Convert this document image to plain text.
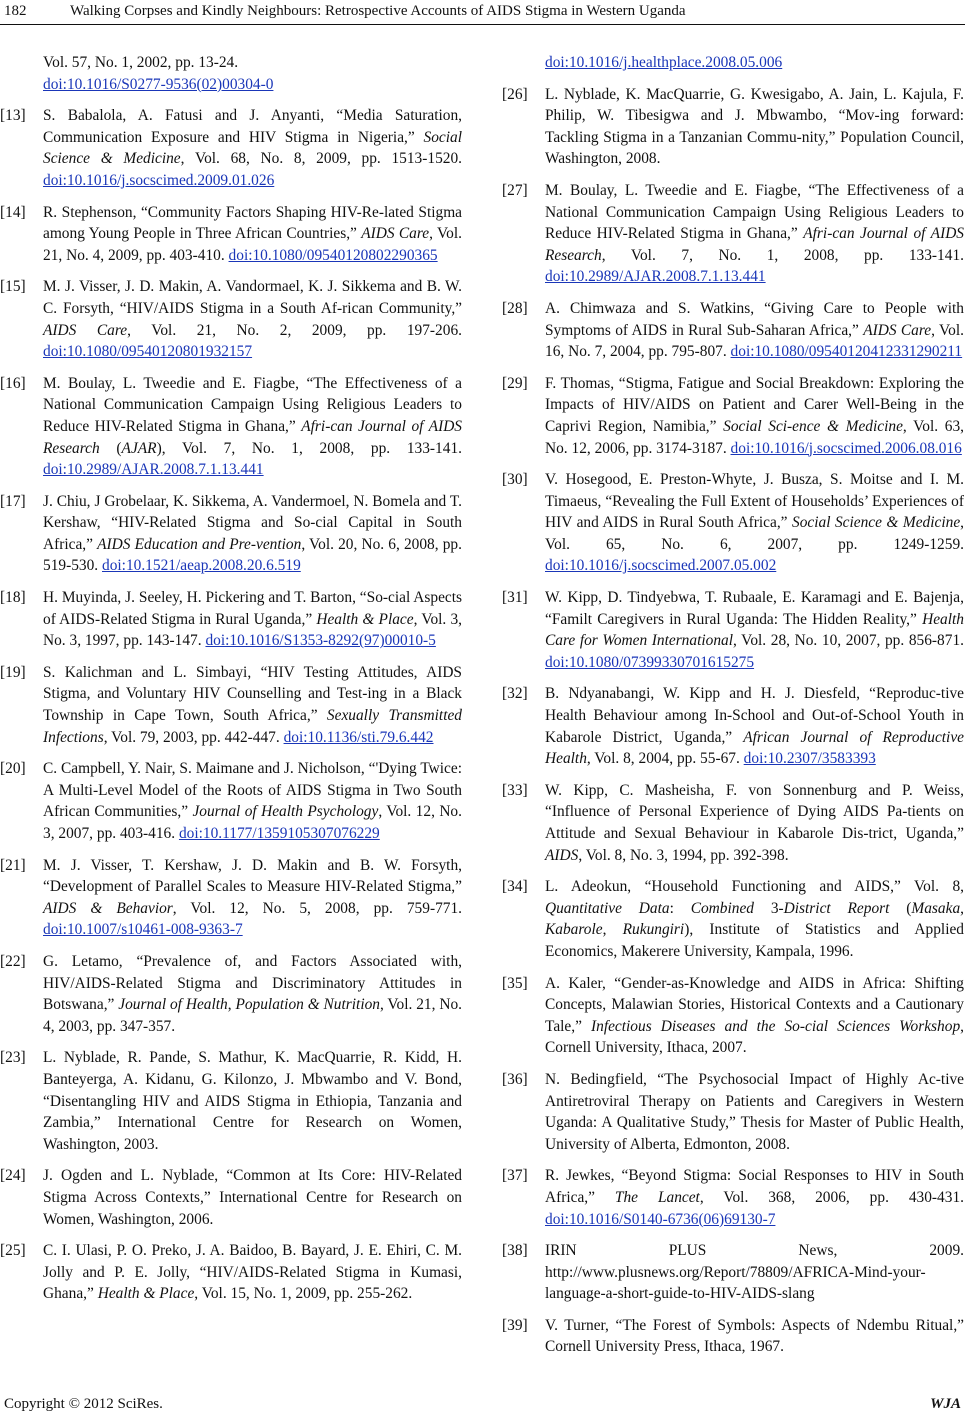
182	Walking Corpses and Kindly Neighbours: Retrospective Accounts of AIDS Stigma in Western Uganda
Vol. 57, No. 1, 2002, pp. 13-24.
doi:10.1016/S0277-9536(02)00304-0
[13] S. Babalola, A. Fatusi and J. Anyanti, “Media Saturation, Communication Exposure and HIV Stigma in Nigeria,” Social Science & Medicine, Vol. 68, No. 8, 2009, pp. 1513-1520. doi:10.1016/j.socscimed.2009.01.026
[14] R. Stephenson, “Community Factors Shaping HIV-Re-lated Stigma among Young People in Three African Countries,” AIDS Care, Vol. 21, No. 4, 2009, pp. 403-410. doi:10.1080/09540120802290365
[15] M. J. Visser, J. D. Makin, A. Vandormael, K. J. Sikkema and B. W. C. Forsyth, “HIV/AIDS Stigma in a South Af-rican Community,” AIDS Care, Vol. 21, No. 2, 2009, pp. 197-206. doi:10.1080/09540120801932157
[16] M. Boulay, L. Tweedie and E. Fiagbe, “The Effectiveness of a National Communication Campaign Using Religious Leaders to Reduce HIV-Related Stigma in Ghana,” Afri-can Journal of AIDS Research (AJAR), Vol. 7, No. 1, 2008, pp. 133-141. doi:10.2989/AJAR.2008.7.1.13.441
[17] J. Chiu, J Grobelaar, K. Sikkema, A. Vandermoel, N. Bomela and T. Kershaw, “HIV-Related Stigma and So-cial Capital in South Africa,” AIDS Education and Pre-vention, Vol. 20, No. 6, 2008, pp. 519-530. doi:10.1521/aeap.2008.20.6.519
[18] H. Muyinda, J. Seeley, H. Pickering and T. Barton, “So-cial Aspects of AIDS-Related Stigma in Rural Uganda,” Health & Place, Vol. 3, No. 3, 1997, pp. 143-147. doi:10.1016/S1353-8292(97)00010-5
[19] S. Kalichman and L. Simbayi, “HIV Testing Attitudes, AIDS Stigma, and Voluntary HIV Counselling and Test-ing in a Black Township in Cape Town, South Africa,” Sexually Transmitted Infections, Vol. 79, 2003, pp. 442-447. doi:10.1136/sti.79.6.442
[20] C. Campbell, Y. Nair, S. Maimane and J. Nicholson, “'Dying Twice: A Multi-Level Model of the Roots of AIDS Stigma in Two South African Communities,” Journal of Health Psychology, Vol. 12, No. 3, 2007, pp. 403-416. doi:10.1177/1359105307076229
[21] M. J. Visser, T. Kershaw, J. D. Makin and B. W. Forsyth, “Development of Parallel Scales to Measure HIV-Related Stigma,” AIDS & Behavior, Vol. 12, No. 5, 2008, pp. 759-771. doi:10.1007/s10461-008-9363-7
[22] G. Letamo, “Prevalence of, and Factors Associated with, HIV/AIDS-Related Stigma and Discriminatory Attitudes in Botswana,” Journal of Health, Population & Nutrition, Vol. 21, No. 4, 2003, pp. 347-357.
[23] L. Nyblade, R. Pande, S. Mathur, K. MacQuarrie, R. Kidd, H. Banteyerga, A. Kidanu, G. Kilonzo, J. Mbwambo and V. Bond, “Disentangling HIV and AIDS Stigma in Ethiopia, Tanzania and Zambia,” International Centre for Research on Women, Washington, 2003.
[24] J. Ogden and L. Nyblade, “Common at Its Core: HIV-Related Stigma Across Contexts,” International Centre for Research on Women, Washington, 2006.
[25] C. I. Ulasi, P. O. Preko, J. A. Baidoo, B. Bayard, J. E. Ehiri, C. M. Jolly and P. E. Jolly, “HIV/AIDS-Related Stigma in Kumasi, Ghana,” Health & Place, Vol. 15, No. 1, 2009, pp. 255-262.
doi:10.1016/j.healthplace.2008.05.006
[26] L. Nyblade, K. MacQuarrie, G. Kwesigabo, A. Jain, L. Kajula, F. Philip, W. Tibesigwa and J. Mbwambo, “Mov-ing forward: Tackling Stigma in a Tanzanian Commu-nity,” Population Council, Washington, 2008.
[27] M. Boulay, L. Tweedie and E. Fiagbe, “The Effectiveness of a National Communication Campaign Using Religious Leaders to Reduce HIV-Related Stigma in Ghana,” Afri-can Journal of AIDS Research, Vol. 7, No. 1, 2008, pp. 133-141. doi:10.2989/AJAR.2008.7.1.13.441
[28] A. Chimwaza and S. Watkins, “Giving Care to People with Symptoms of AIDS in Rural Sub-Saharan Africa,” AIDS Care, Vol. 16, No. 7, 2004, pp. 795-807. doi:10.1080/09540120412331290211
[29] F. Thomas, “Stigma, Fatigue and Social Breakdown: Exploring the Impacts of HIV/AIDS on Patient and Carer Well-Being in the Caprivi Region, Namibia,” Social Sci-ence & Medicine, Vol. 63, No. 12, 2006, pp. 3174-3187. doi:10.1016/j.socscimed.2006.08.016
[30] V. Hosegood, E. Preston-Whyte, J. Busza, S. Moitse and I. M. Timaeus, “Revealing the Full Extent of Households’ Experiences of HIV and AIDS in Rural South Africa,” Social Science & Medicine, Vol. 65, No. 6, 2007, pp. 1249-1259. doi:10.1016/j.socscimed.2007.05.002
[31] W. Kipp, D. Tindyebwa, T. Rubaale, E. Karamagi and E. Bajenja, “Familt Caregivers in Rural Uganda: The Hidden Reality,” Health Care for Women International, Vol. 28, No. 10, 2007, pp. 856-871. doi:10.1080/07399330701615275
[32] B. Ndyanabangi, W. Kipp and H. J. Diesfeld, “Reproduc-tive Health Behaviour among In-School and Out-of-School Youth in Kabarole District, Uganda,” African Journal of Reproductive Health, Vol. 8, 2004, pp. 55-67. doi:10.2307/3583393
[33] W. Kipp, C. Masheisha, F. von Sonnenburg and P. Weiss, “Influence of Personal Experience of Dying AIDS Pa-tients on Attitude and Sexual Behaviour in Kabarole Dis-trict, Uganda,” AIDS, Vol. 8, No. 3, 1994, pp. 392-398.
[34] L. Adeokun, “Household Functioning and AIDS,” Vol. 8, Quantitative Data: Combined 3-District Report (Masaka, Kabarole, Rukungiri), Institute of Statistics and Applied Economics, Makerere University, Kampala, 1996.
[35] A. Kaler, “Gender-as-Knowledge and AIDS in Africa: Shifting Concepts, Malawian Stories, Historical Contexts and a Cautionary Tale,” Infectious Diseases and the So-cial Sciences Workshop, Cornell University, Ithaca, 2007.
[36] N. Bedingfield, “The Psychosocial Impact of Highly Ac-tive Antiretroviral Therapy on Patients and Caregivers in Western Uganda: A Qualitative Study,” Thesis for Master of Public Health, University of Alberta, Edmonton, 2008.
[37] R. Jewkes, “Beyond Stigma: Social Responses to HIV in South Africa,” The Lancet, Vol. 368, 2006, pp. 430-431. doi:10.1016/S0140-6736(06)69130-7
[38] IRIN PLUS News, 2009. http://www.plusnews.org/Report/78809/AFRICA-Mind-your-language-a-short-guide-to-HIV-AIDS-slang
[39] V. Turner, “The Forest of Symbols: Aspects of Ndembu Ritual,” Cornell University Press, Ithaca, 1967.
Copyright © 2012 SciRes.	WJA
